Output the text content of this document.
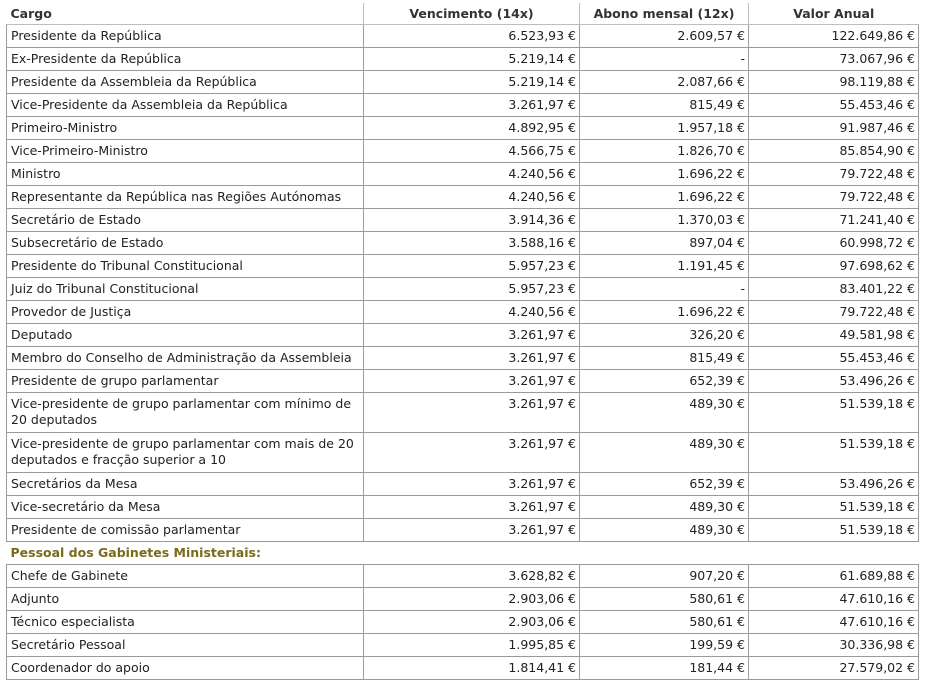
Cargo	Vencimento (14x)	Abono mensal (12x)	Valor Anual
Presidente da República	6.523,93 €	2.609,57 €	122.649,86 €
Ex-Presidente da República	5.219,14 €	-	73.067,96 €
Presidente da Assembleia da República	5.219,14 €	2.087,66 €	98.119,88 €
Vice-Presidente da Assembleia da República	3.261,97 €	815,49 €	55.453,46 €
Primeiro-Ministro	4.892,95 €	1.957,18 €	91.987,46 €
Vice-Primeiro-Ministro	4.566,75 €	1.826,70 €	85.854,90 €
Ministro	4.240,56 €	1.696,22 €	79.722,48 €
Representante da República nas Regiões Autónomas	4.240,56 €	1.696,22 €	79.722,48 €
Secretário de Estado	3.914,36 €	1.370,03 €	71.241,40 €
Subsecretário de Estado	3.588,16 €	897,04 €	60.998,72 €
Presidente do Tribunal Constitucional	5.957,23 €	1.191,45 €	97.698,62 €
Juiz do Tribunal Constitucional	5.957,23 €	-	83.401,22 €
Provedor de Justiça	4.240,56 €	1.696,22 €	79.722,48 €
Deputado	3.261,97 €	326,20 €	49.581,98 €
Membro do Conselho de Administração da Assembleia	3.261,97 €	815,49 €	55.453,46 €
Presidente de grupo parlamentar	3.261,97 €	652,39 €	53.496,26 €
Vice-presidente de grupo parlamentar com mínimo de 20 deputados	3.261,97 €	489,30 €	51.539,18 €
Vice-presidente de grupo parlamentar com mais de 20 deputados e fracção superior a 10	3.261,97 €	489,30 €	51.539,18 €
Secretários da Mesa	3.261,97 €	652,39 €	53.496,26 €
Vice-secretário da Mesa	3.261,97 €	489,30 €	51.539,18 €
Presidente de comissão parlamentar	3.261,97 €	489,30 €	51.539,18 €
Pessoal dos Gabinetes Ministeriais:			
Chefe de Gabinete	3.628,82 €	907,20 €	61.689,88 €
Adjunto	2.903,06 €	580,61 €	47.610,16 €
Técnico especialista	2.903,06 €	580,61 €	47.610,16 €
Secretário Pessoal	1.995,85 €	199,59 €	30.336,98 €
Coordenador do apoio	1.814,41 €	181,44 €	27.579,02 €
